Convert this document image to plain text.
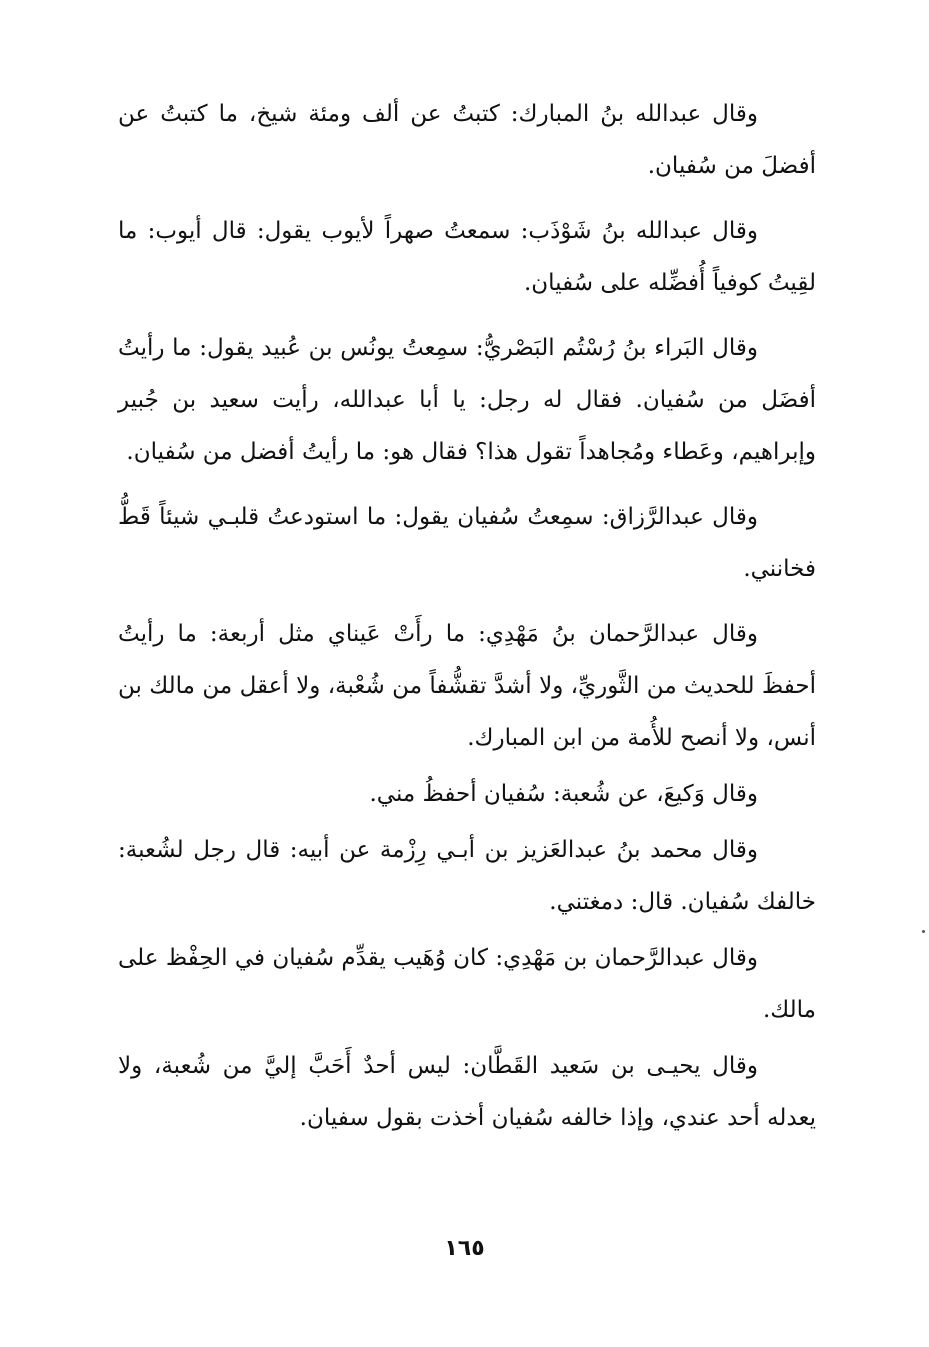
وقال عبدالله بنُ المبارك: كتبتُ عن ألف ومئة شيخ، ما كتبتُ عن أفضلَ من سُفيان.

وقال عبدالله بنُ شَوْذَب: سمعتُ صهراً لأيوب يقول: قال أيوب: ما لقِيتُ كوفياً أُفضِّله على سُفيان.

وقال البَراء بنُ رُسْتُم البَصْريُّ: سمِعتُ يونُس بن عُبيد يقول: ما رأيتُ أفضَل من سُفيان. فقال له رجل: يا أبا عبدالله، رأيت سعيد بن جُبير وإبراهيم، وعَطاء ومُجاهداً تقول هذا؟ فقال هو: ما رأيتُ أفضل من سُفيان.

وقال عبدالرَّزاق: سمِعتُ سُفيان يقول: ما استودعتُ قلبـي شيئاً قَطُّ فخانني.

وقال عبدالرَّحمان بنُ مَهْدِي: ما رأَتْ عَيناي مثل أربعة: ما رأيتُ أحفظَ للحديث من الثَّوريِّ، ولا أشدَّ تقشُّفاً من شُعْبة، ولا أعقل من مالك بن أنس، ولا أنصح للأُمة من ابن المبارك.

وقال وَكيعَ، عن شُعبة: سُفيان أحفظُ مني.

وقال محمد بنُ عبدالعَزيز بن أبـي رِزْمة عن أبيه: قال رجل لشُعبة: خالفك سُفيان. قال: دمغتني.

وقال عبدالرَّحمان بن مَهْدِي: كان وُهَيب يقدِّم سُفيان في الحِفْظ على مالك.

وقال يحيـى بن سَعيد القَطَّان: ليس أحدٌ أَحَبَّ إليَّ من شُعبة، ولا يعدله أحد عندي، وإذا خالفه سُفيان أخذت بقول سفيان.

١٦٥
